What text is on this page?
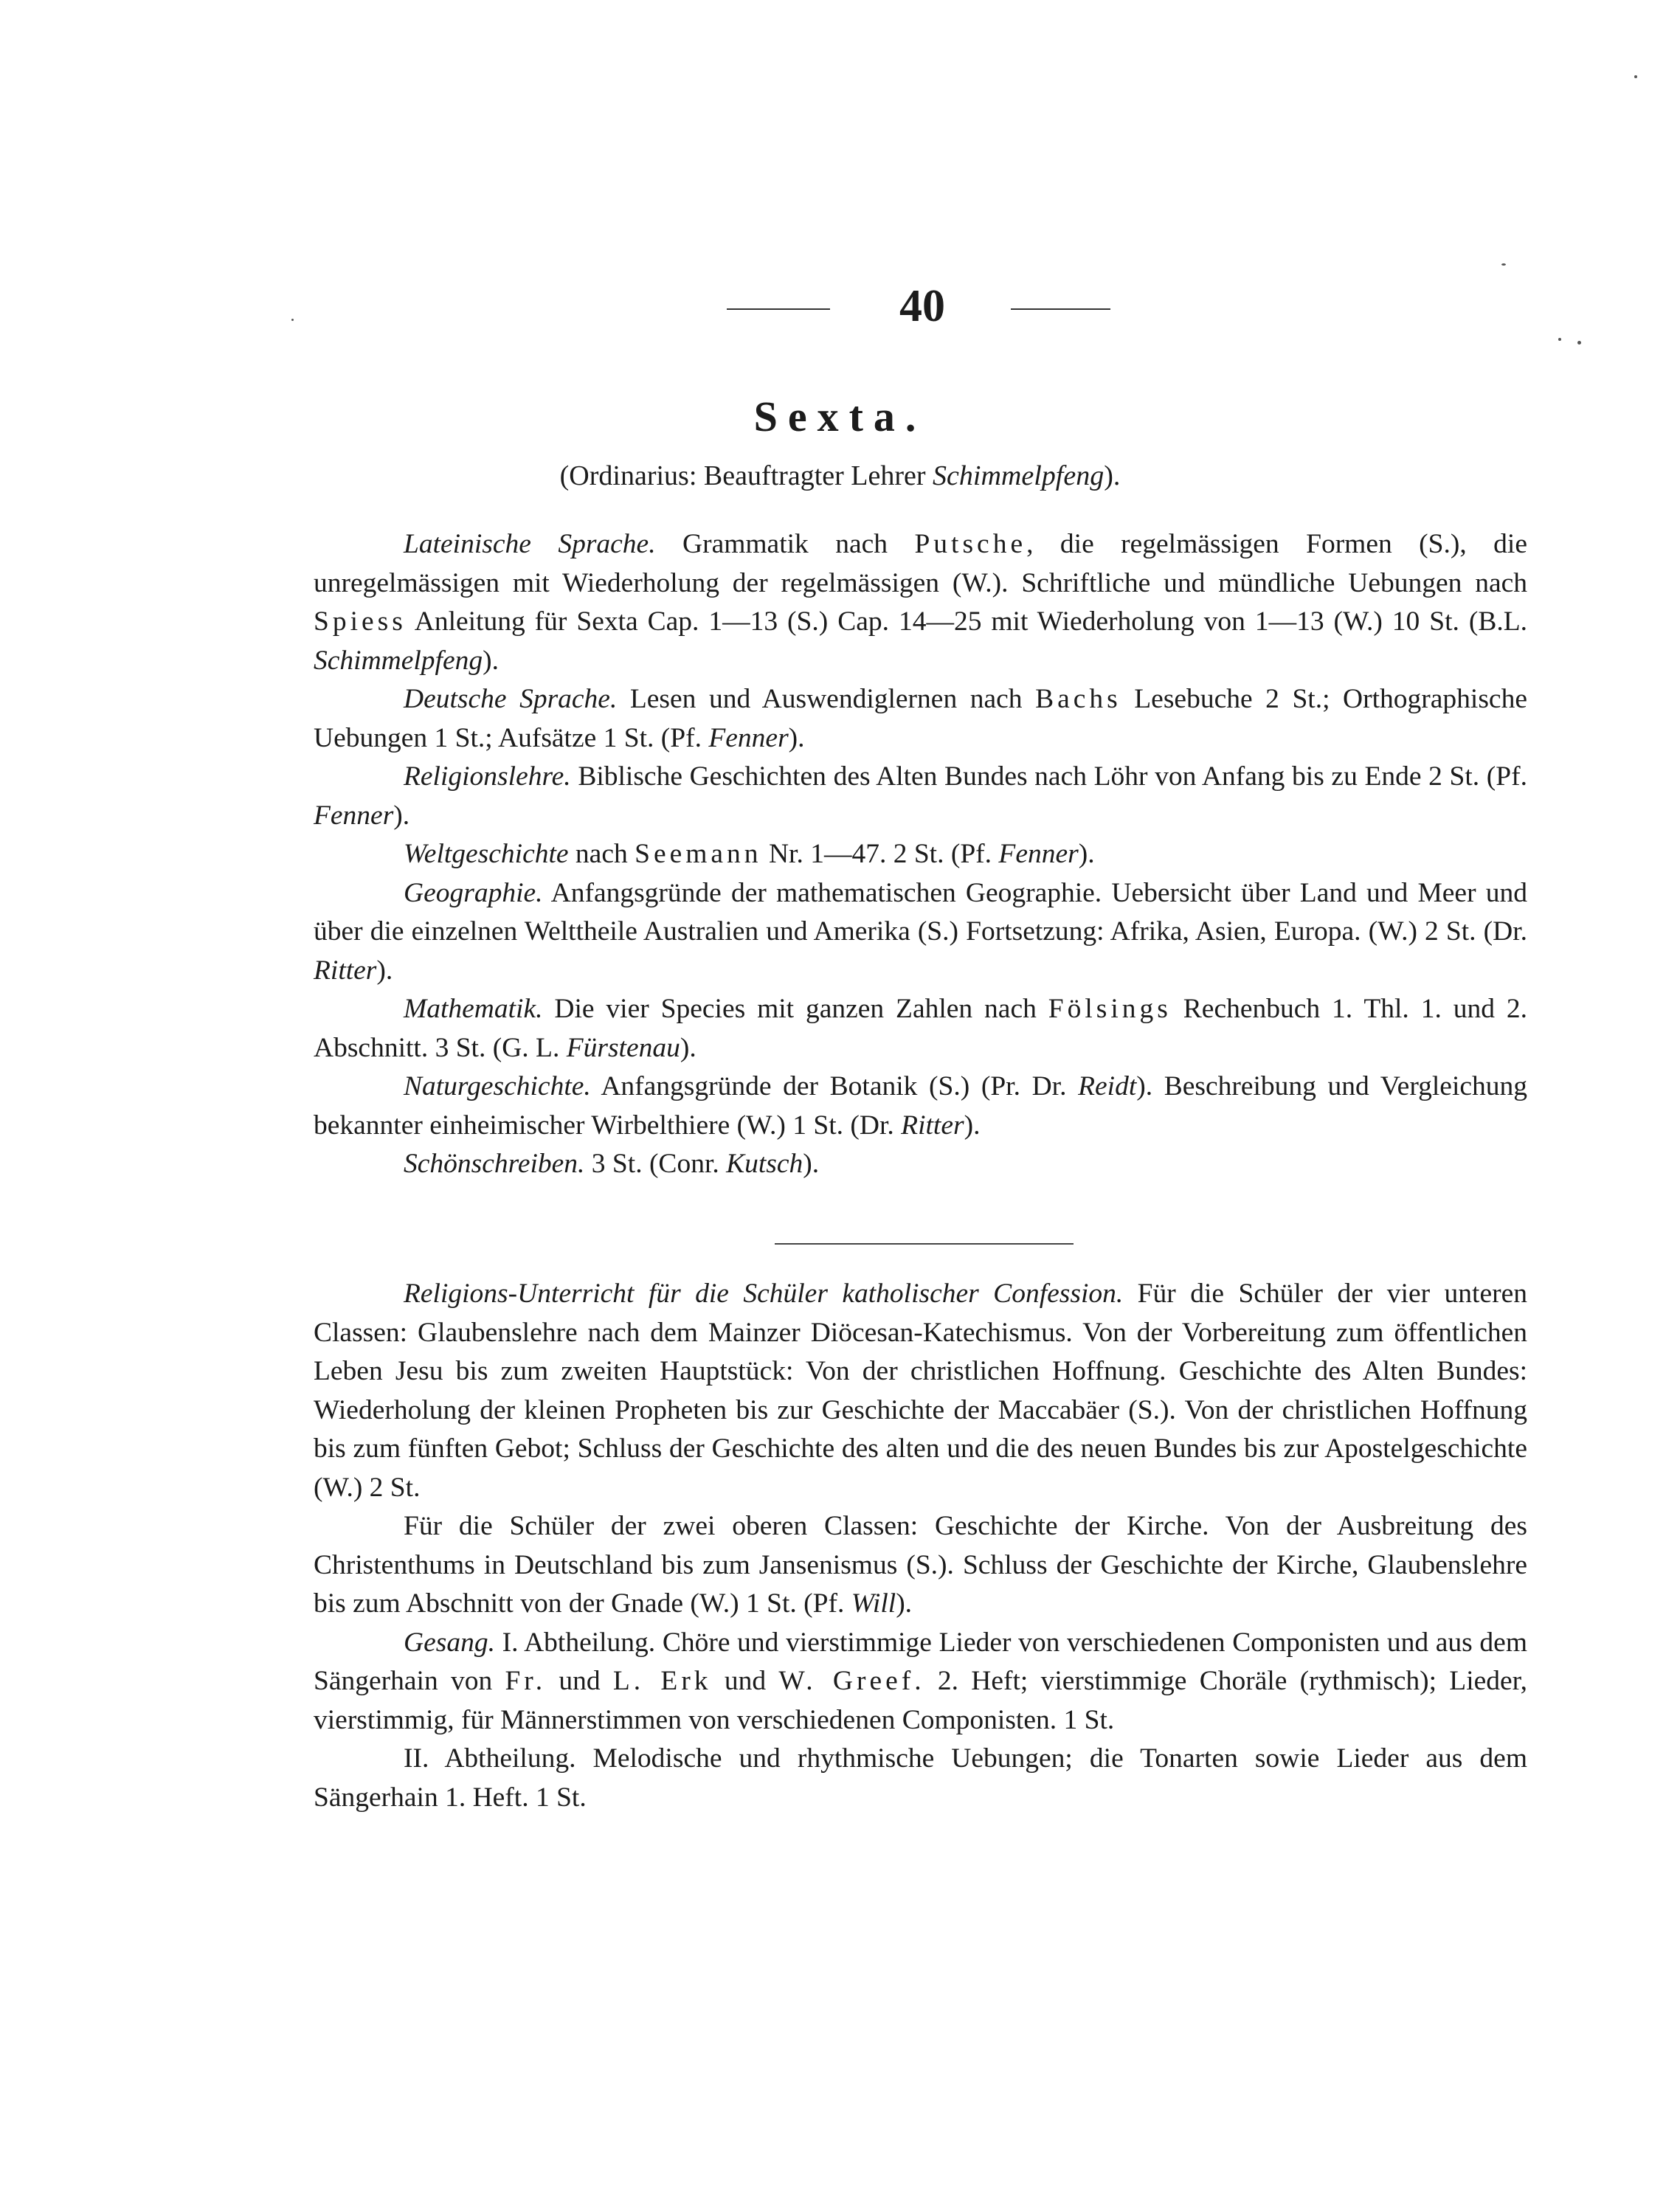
40
Sexta.
(Ordinarius: Beauftragter Lehrer Schimmelpfeng).

Lateinische Sprache. Grammatik nach Putsche, die regelmässigen Formen (S.), die unregelmässigen mit Wiederholung der regelmässigen (W.). Schriftliche und mündliche Uebungen nach Spiess Anleitung für Sexta Cap. 1—13 (S.) Cap. 14—25 mit Wiederholung von 1—13 (W.) 10 St. (B.L. Schimmelpfeng).

Deutsche Sprache. Lesen und Auswendiglernen nach Bachs Lesebuche 2 St.; Orthographische Uebungen 1 St.; Aufsätze 1 St. (Pf. Fenner).

Religionslehre. Biblische Geschichten des Alten Bundes nach Löhr von Anfang bis zu Ende 2 St. (Pf. Fenner).

Weltgeschichte nach Seemann Nr. 1—47. 2 St. (Pf. Fenner).

Geographie. Anfangsgründe der mathematischen Geographie. Uebersicht über Land und Meer und über die einzelnen Welttheile Australien und Amerika (S.) Fortsetzung: Afrika, Asien, Europa. (W.) 2 St. (Dr. Ritter).

Mathematik. Die vier Species mit ganzen Zahlen nach Fölsings Rechenbuch 1. Thl. 1. und 2. Abschnitt. 3 St. (G. L. Fürstenau).

Naturgeschichte. Anfangsgründe der Botanik (S.) (Pr. Dr. Reidt). Beschreibung und Vergleichung bekannter einheimischer Wirbelthiere (W.) 1 St. (Dr. Ritter).

Schönschreiben. 3 St. (Conr. Kutsch).

Religions-Unterricht für die Schüler katholischer Confession. Für die Schüler der vier unteren Classen: Glaubenslehre nach dem Mainzer Diöcesan-Katechismus. Von der Vorbereitung zum öffentlichen Leben Jesu bis zum zweiten Hauptstück: Von der christlichen Hoffnung. Geschichte des Alten Bundes: Wiederholung der kleinen Propheten bis zur Geschichte der Maccabäer (S.). Von der christlichen Hoffnung bis zum fünften Gebot; Schluss der Geschichte des alten und die des neuen Bundes bis zur Apostelgeschichte (W.) 2 St.

Für die Schüler der zwei oberen Classen: Geschichte der Kirche. Von der Ausbreitung des Christenthums in Deutschland bis zum Jansenismus (S.). Schluss der Geschichte der Kirche, Glaubenslehre bis zum Abschnitt von der Gnade (W.) 1 St. (Pf. Will).

Gesang. I. Abtheilung. Chöre und vierstimmige Lieder von verschiedenen Componisten und aus dem Sängerhain von Fr. und L. Erk und W. Greef. 2. Heft; vierstimmige Choräle (rythmisch); Lieder, vierstimmig, für Männerstimmen von verschiedenen Componisten. 1 St.

II. Abtheilung. Melodische und rhythmische Uebungen; die Tonarten sowie Lieder aus dem Sängerhain 1. Heft. 1 St.
